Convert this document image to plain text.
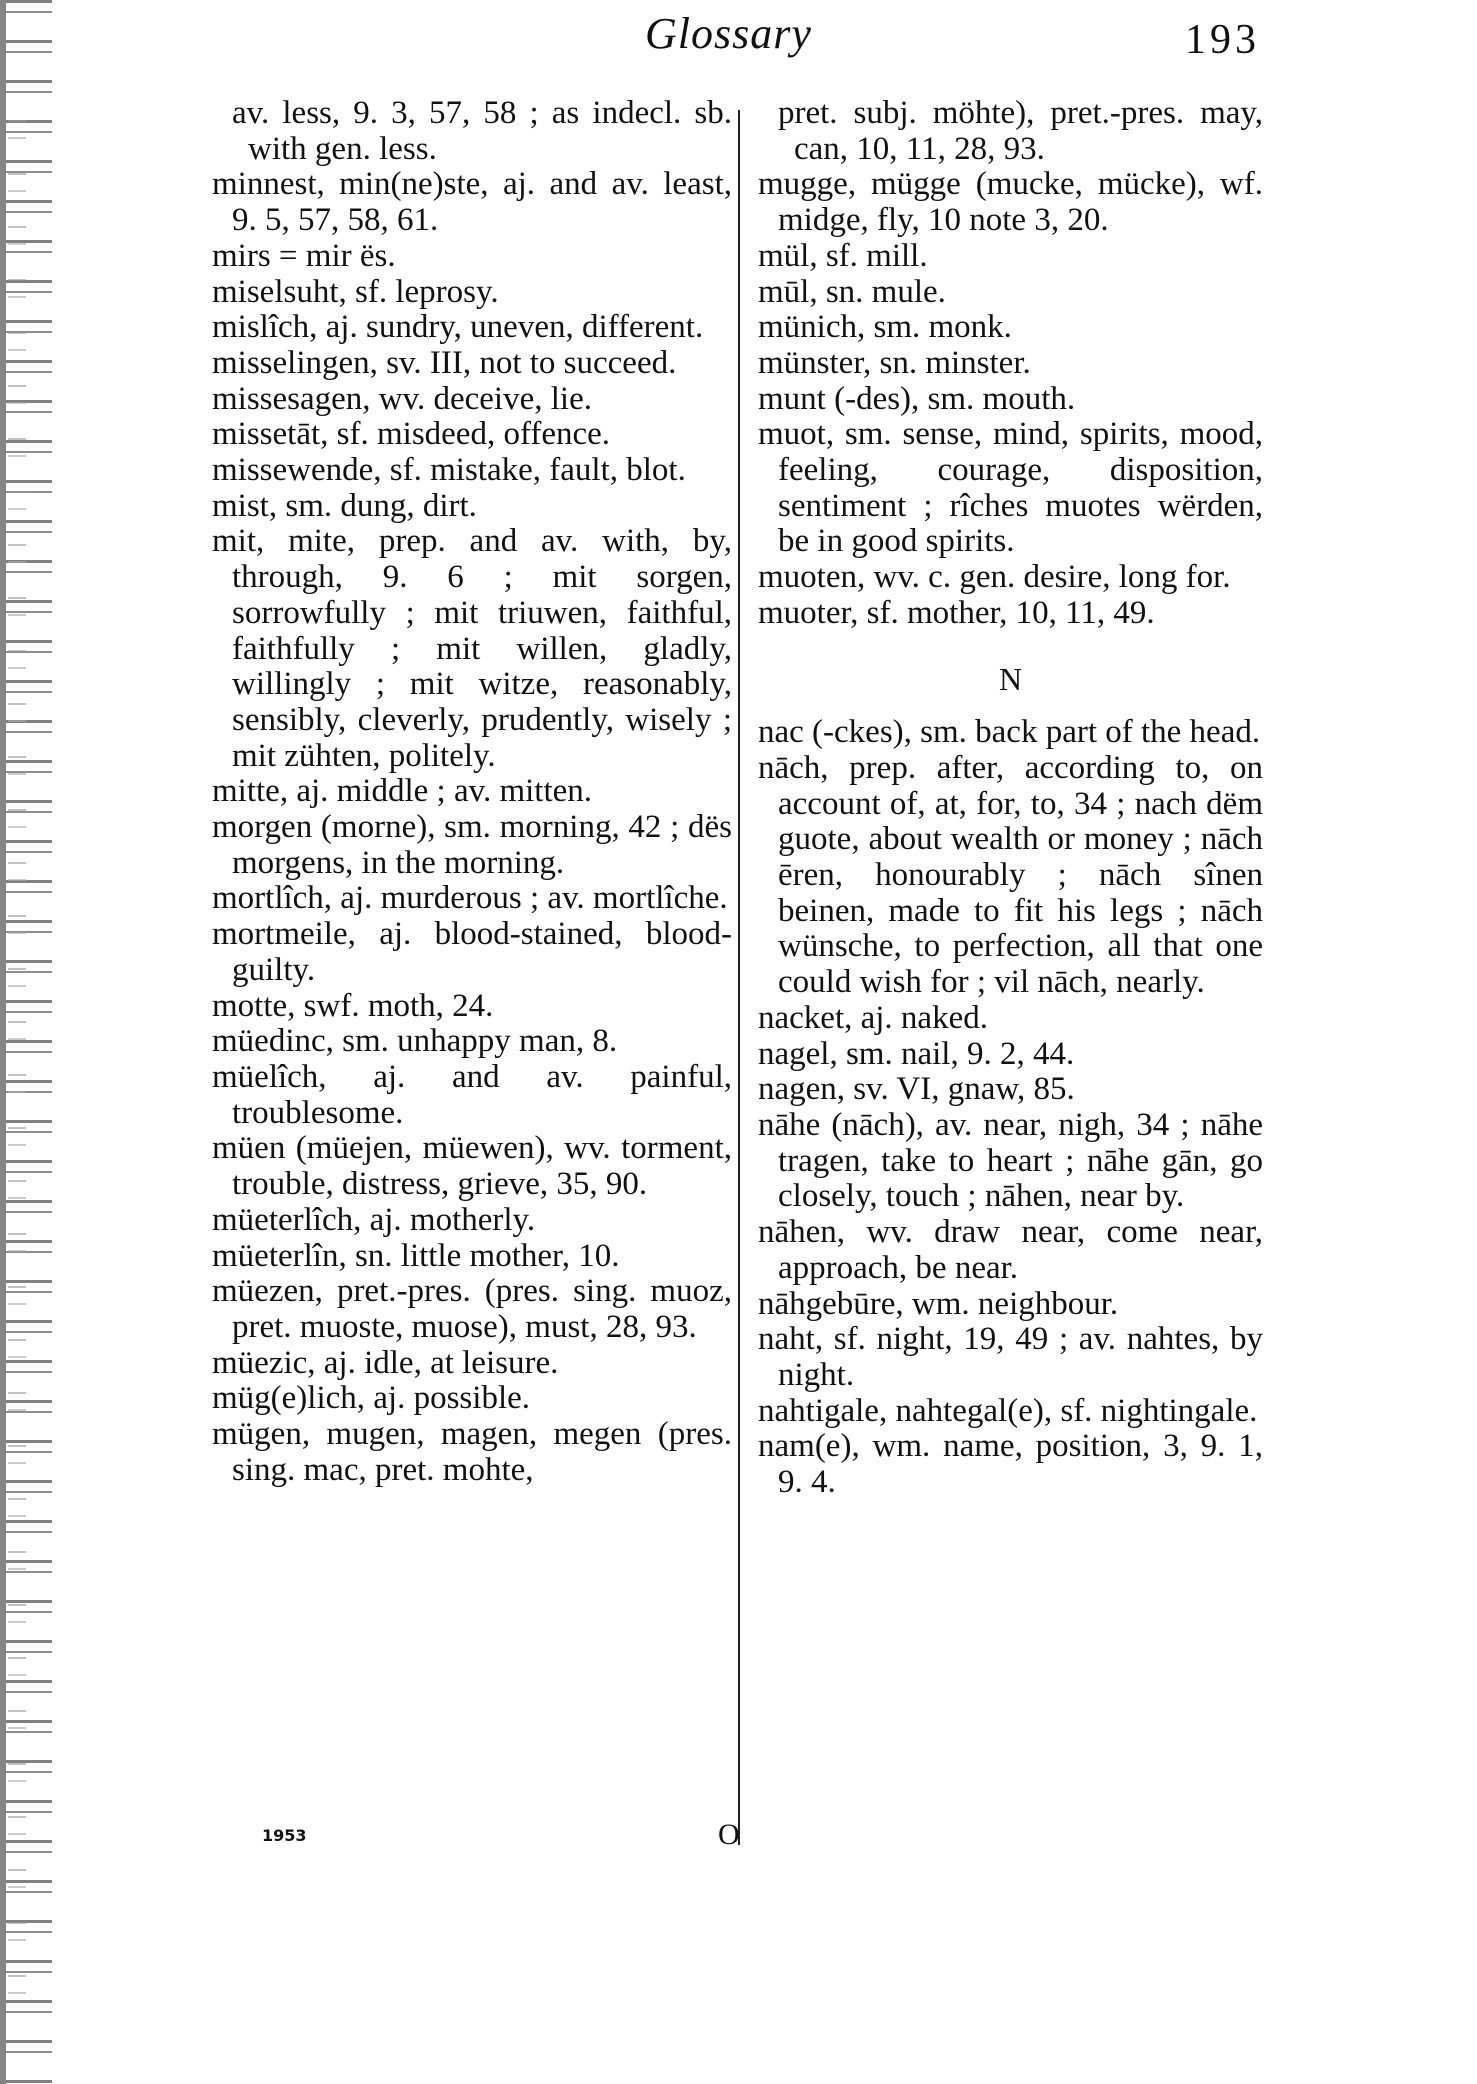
Glossary	193
av. less, 9. 3, 57, 58 ; as indecl. sb. with gen. less.
minnest, min(ne)ste, aj. and av. least, 9. 5, 57, 58, 61.
mirs = mir ës.
miselsuht, sf. leprosy.
mislîch, aj. sundry, uneven, different.
misselingen, sv. III, not to succeed.
missesagen, wv. deceive, lie.
missetāt, sf. misdeed, offence.
missewende, sf. mistake, fault, blot.
mist, sm. dung, dirt.
mit, mite, prep. and av. with, by, through, 9. 6 ; mit sorgen, sorrowfully ; mit triuwen, faithful, faithfully ; mit willen, gladly, willingly ; mit witze, reasonably, sensibly, cleverly, prudently, wisely ; mit zühten, politely.
mitte, aj. middle ; av. mitten.
morgen (morne), sm. morning, 42 ; dës morgens, in the morning.
mortlîch, aj. murderous ; av. mortlîche.
mortmeile, aj. blood-stained, blood-guilty.
motte, swf. moth, 24.
müedinc, sm. unhappy man, 8.
müelîch, aj. and av. painful, troublesome.
müen (müejen, müewen), wv. torment, trouble, distress, grieve, 35, 90.
müeterlîch, aj. motherly.
müeterlîn, sn. little mother, 10.
müezen, pret.-pres. (pres. sing. muoz, pret. muoste, muose), must, 28, 93.
müezic, aj. idle, at leisure.
müg(e)lich, aj. possible.
mügen, mugen, magen, megen (pres. sing. mac, pret. mohte,
pret. subj. möhte), pret.-pres. may, can, 10, 11, 28, 93.
mugge, mügge (mucke, mücke), wf. midge, fly, 10 note 3, 20.
mül, sf. mill.
mūl, sn. mule.
münich, sm. monk.
münster, sn. minster.
munt (-des), sm. mouth.
muot, sm. sense, mind, spirits, mood, feeling, courage, disposition, sentiment ; rîches muotes wërden, be in good spirits.
muoten, wv. c. gen. desire, long for.
muoter, sf. mother, 10, 11, 49.
N
nac (-ckes), sm. back part of the head.
nāch, prep. after, according to, on account of, at, for, to, 34 ; nach dëm guote, about wealth or money ; nāch ēren, honourably ; nāch sînen beinen, made to fit his legs ; nāch wünsche, to perfection, all that one could wish for ; vil nāch, nearly.
nacket, aj. naked.
nagel, sm. nail, 9. 2, 44.
nagen, sv. VI, gnaw, 85.
nāhe (nāch), av. near, nigh, 34 ; nāhe tragen, take to heart ; nāhe gān, go closely, touch ; nāhen, near by.
nāhen, wv. draw near, come near, approach, be near.
nāhgebūre, wm. neighbour.
naht, sf. night, 19, 49 ; av. nahtes, by night.
nahtigale, nahtegal(e), sf. nightingale.
nam(e), wm. name, position, 3, 9. 1, 9. 4.
1953	O
